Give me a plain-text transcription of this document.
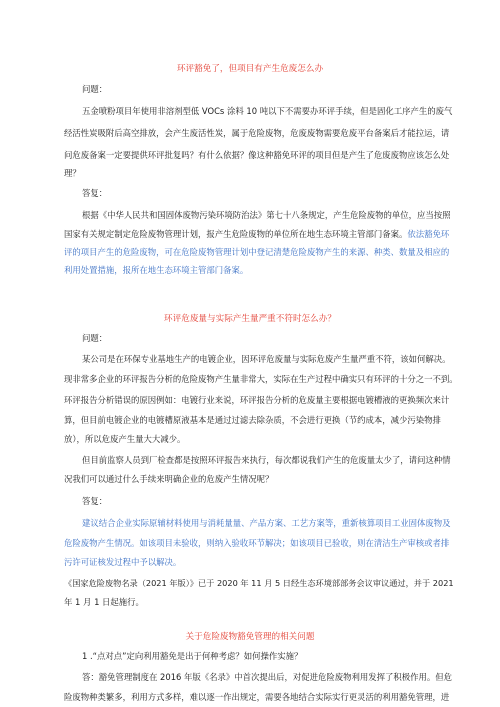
环评豁免了，但项目有产生危废怎么办
问题：
五金喷粉项目年使用非溶剂型低 VOCs 涂料 10 吨以下不需要办环评手续，但是固化工序产生的废气
经活性炭吸附后高空排放，会产生废活性炭，属于危险废物，危废废物需要危废平台备案后才能拉运，请
问危废备案一定要提供环评批复吗？有什么依据？像这种豁免环评的项目但是产生了危废废物应该怎么处
理？
答复：
根据《中华人民共和国固体废物污染环境防治法》第七十八条规定，产生危险废物的单位，应当按照
国家有关规定制定危险废物管理计划，报产生危险废物的单位所在地生态环境主管部门备案。依法豁免环
评的项目产生的危险废物，可在危险废物管理计划中登记清楚危险废物产生的来源、种类、数量及相应的
利用处置措施，报所在地生态环境主管部门备案。
环评危废量与实际产生量严重不符时怎么办？
问题：
某公司是在环保专业基地生产的电镀企业，因环评危废量与实际危废产生量严重不符，该如何解决。
现非常多企业的环评报告分析的危险废物产生量非常大，实际在生产过程中确实只有环评的十分之一不到。
环评报告分析错误的原因例如：电镀行业来说，环评报告分析的危废量主要根据电镀槽液的更换频次来计
算，但目前电镀企业的电镀槽原液基本是通过过滤去除杂质，不会进行更换（节约成本，减少污染物排
放），所以危废产生量大大减少。
但目前监察人员到厂检查都是按照环评报告来执行，每次都说我们产生的危废量太少了，请问这种情
况我们可以通过什么手续来明确企业的危废产生情况呢？
答复：
建议结合企业实际原辅材料使用与消耗量量、产品方案、工艺方案等，重新核算项目工业固体废物及
危险废物产生情况。如该项目未验收，则纳入验收环节解决；如该项目已验收，则在清洁生产审核或者排
污许可证核发过程中予以解决。
《国家危险废物名录（2021 年版）》已于 2020 年 11 月 5 日经生态环境部部务会议审议通过，并于 2021
年 1 月 1 日起施行。
关于危险废物豁免管理的相关问题
1 .“点对点”定向利用豁免是出于何种考虑？如何操作实施？
答：豁免管理制度在 2016 年版《名录》中首次提出后，对促进危险废物利用发挥了积极作用。但危
险废物种类繁多，利用方式多样，难以逐一作出规定，需要各地结合实际实行更灵活的利用豁免管理，进
